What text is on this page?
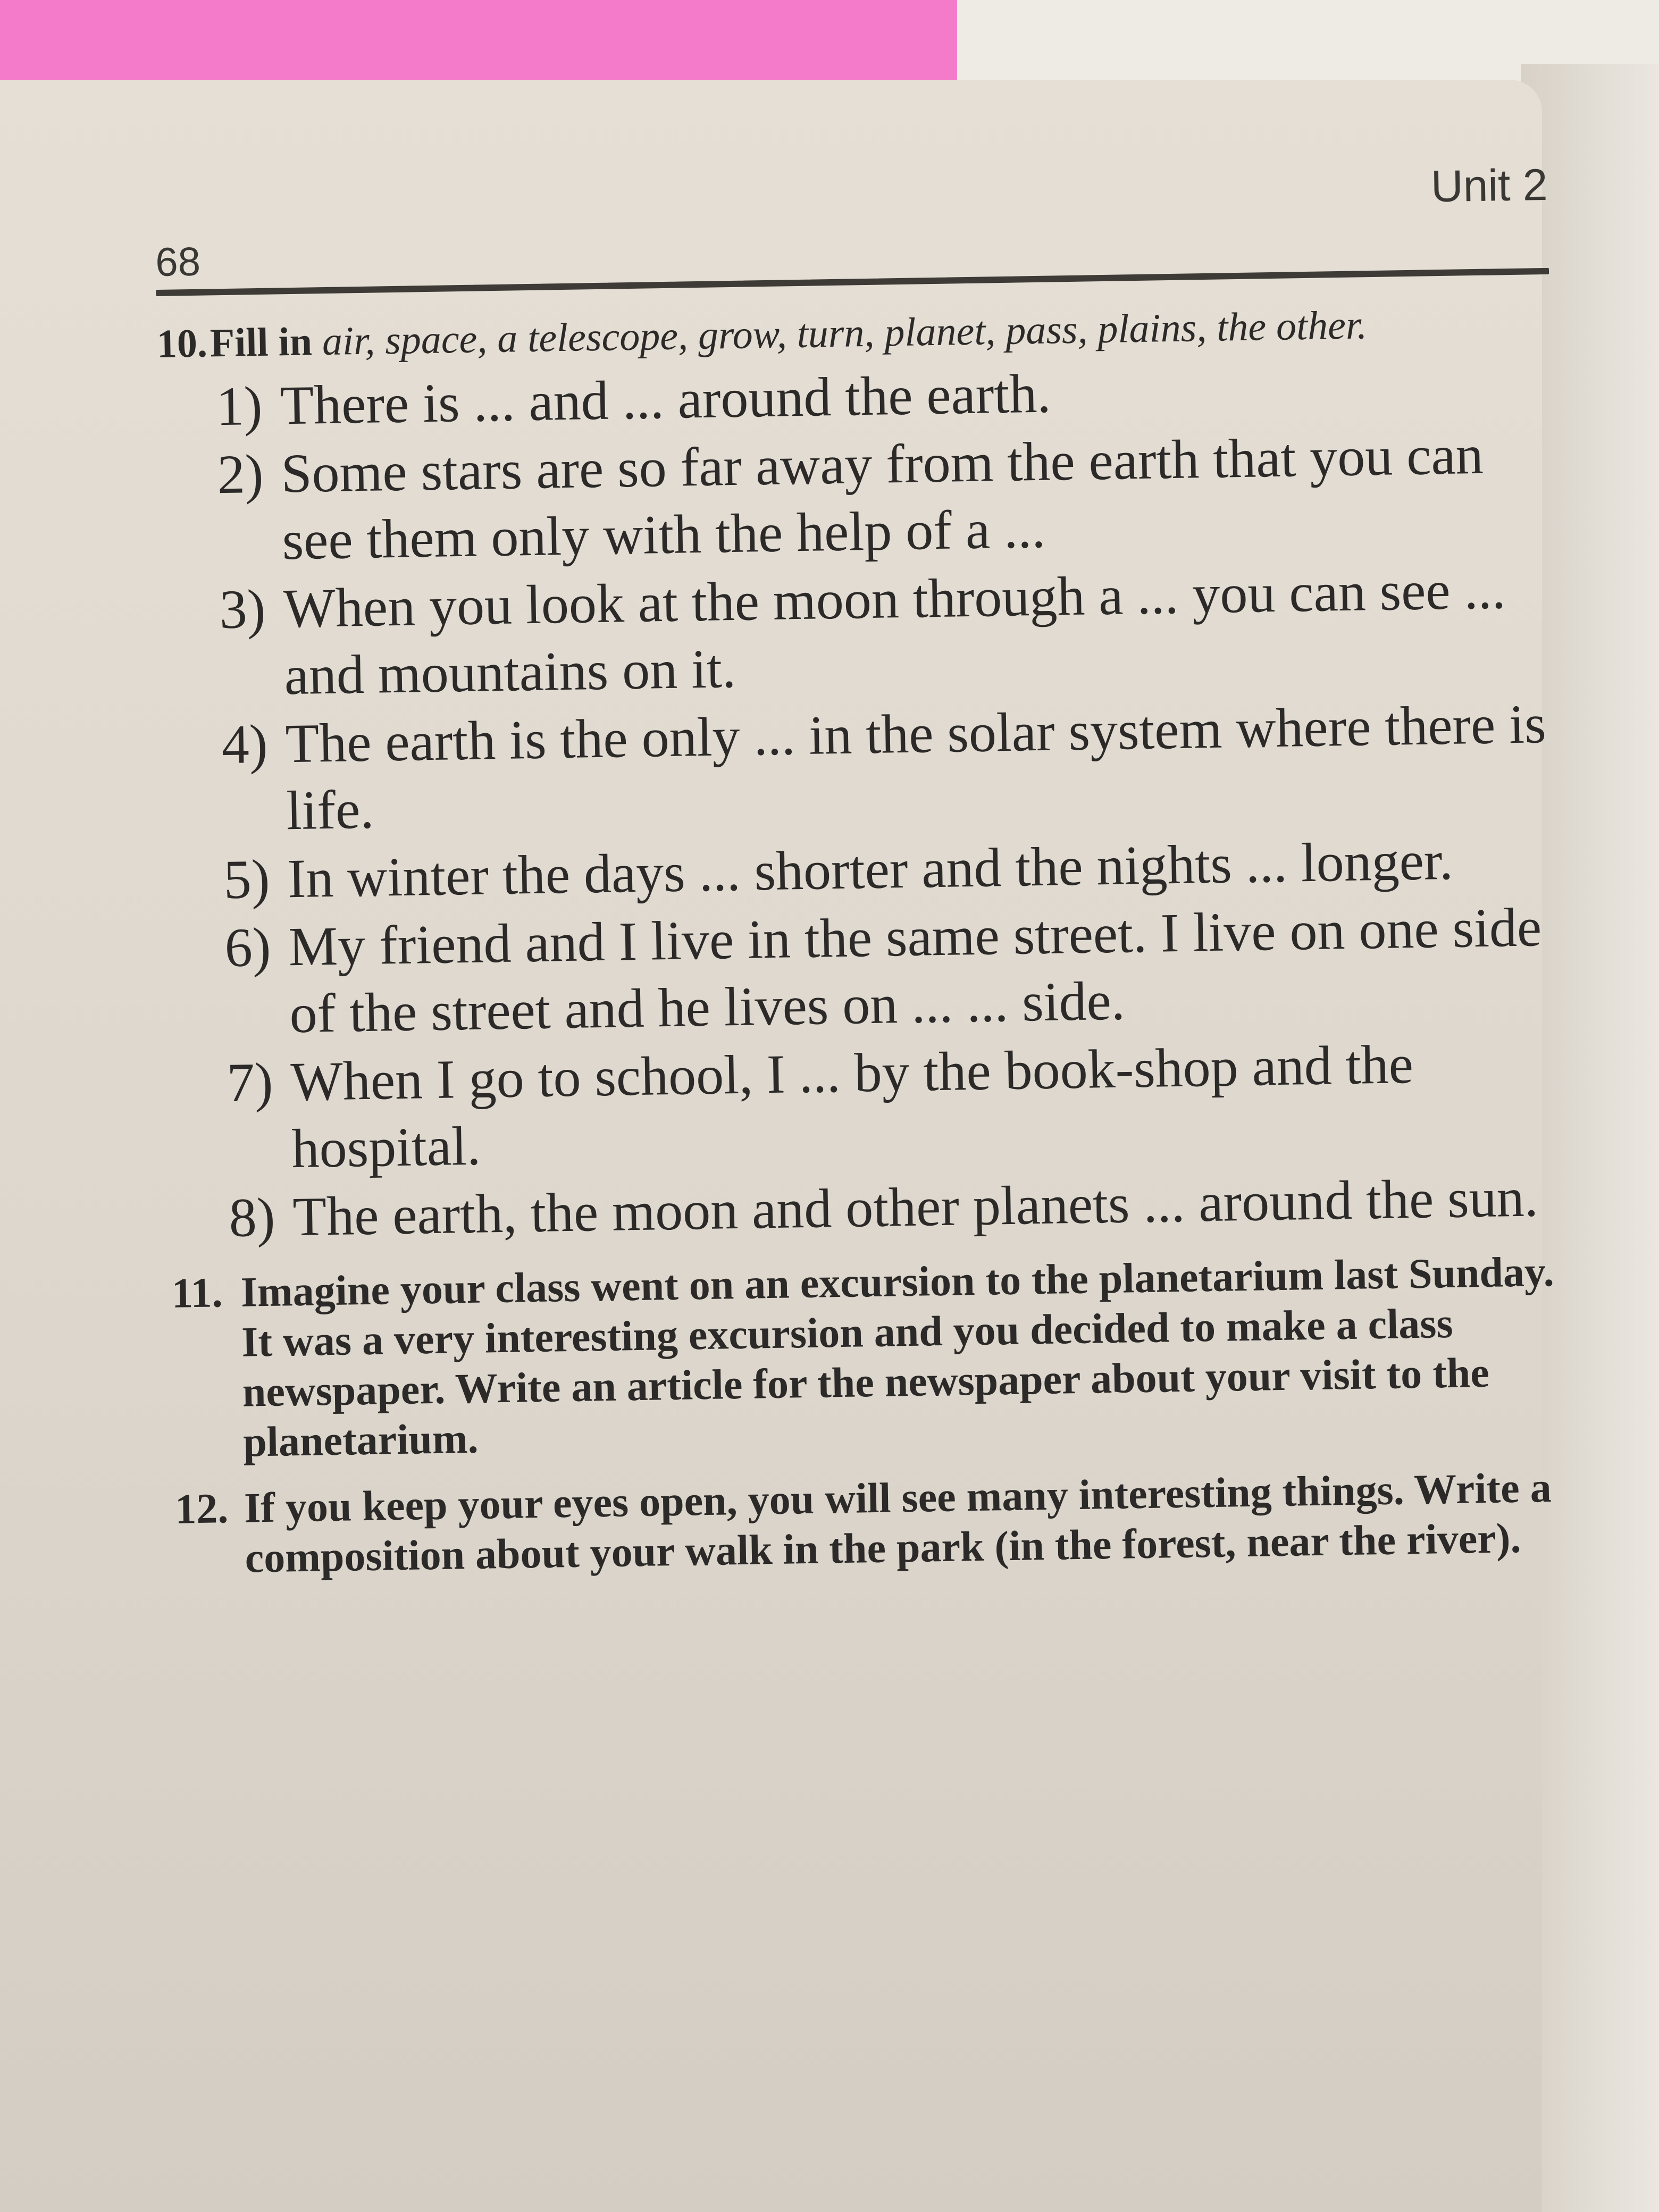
Unit 2
68
10. Fill in air, space, a telescope, grow, turn, planet, pass, plains, the other.
1) There is ... and ... around the earth.
2) Some stars are so far away from the earth that you can see them only with the help of a ...
3) When you look at the moon through a ... you can see ... and mountains on it.
4) The earth is the only ... in the solar system where there is life.
5) In winter the days ... shorter and the nights ... longer.
6) My friend and I live in the same street. I live on one side of the street and he lives on ... ... side.
7) When I go to school, I ... by the book-shop and the hospital.
8) The earth, the moon and other planets ... around the sun.
11. Imagine your class went on an excursion to the planetarium last Sunday. It was a very interesting excursion and you decided to make a class newspaper. Write an article for the newspaper about your visit to the planetarium.
12. If you keep your eyes open, you will see many interesting things. Write a composition about your walk in the park (in the forest, near the river).
